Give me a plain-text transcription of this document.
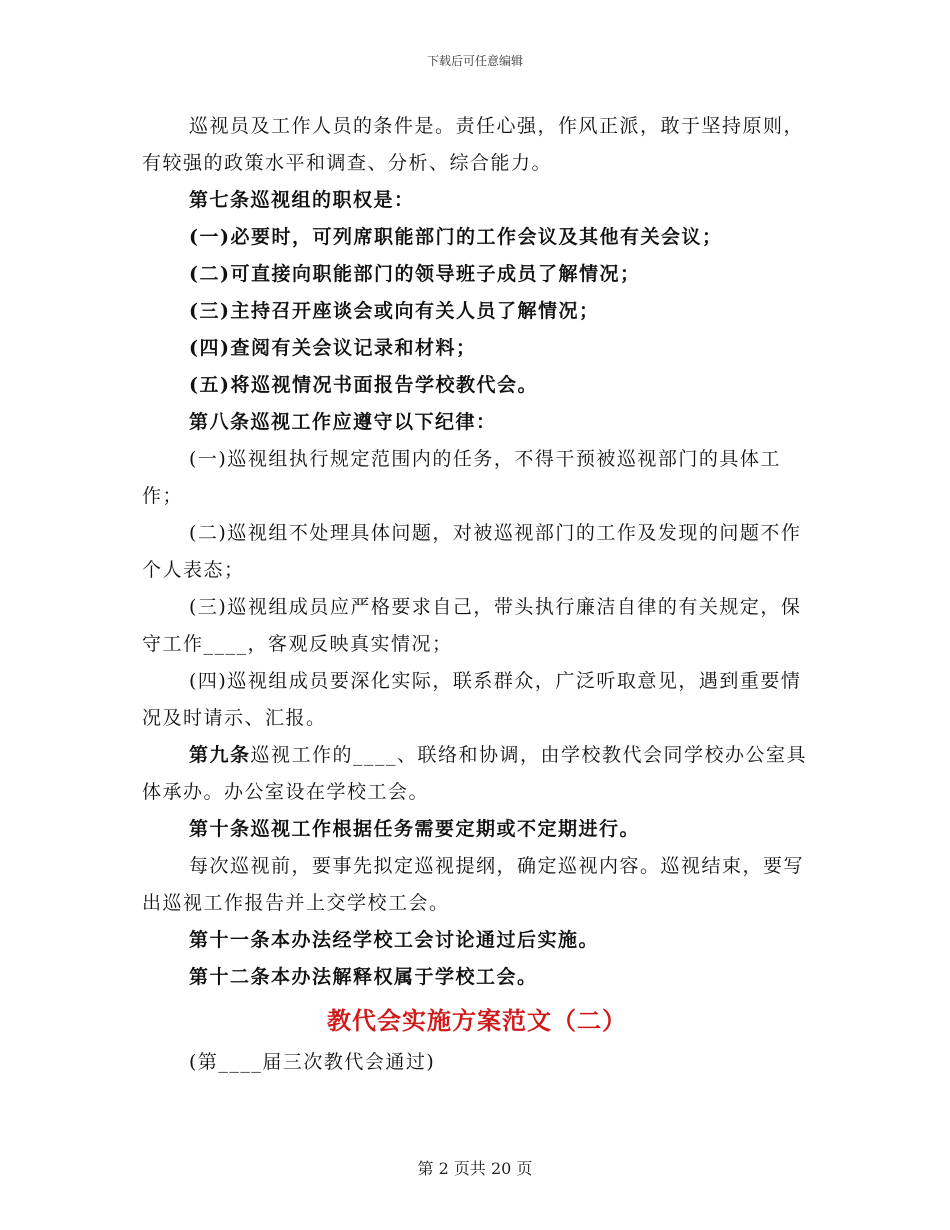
下载后可任意编辑

巡视员及工作人员的条件是。责任心强，作风正派，敢于坚持原则，有较强的政策水平和调查、分析、综合能力。

第七条巡视组的职权是：

(一)必要时，可列席职能部门的工作会议及其他有关会议；

(二)可直接向职能部门的领导班子成员了解情况；

(三)主持召开座谈会或向有关人员了解情况；

(四)查阅有关会议记录和材料；

(五)将巡视情况书面报告学校教代会。

第八条巡视工作应遵守以下纪律：

(一)巡视组执行规定范围内的任务，不得干预被巡视部门的具体工作；

(二)巡视组不处理具体问题，对被巡视部门的工作及发现的问题不作个人表态；

(三)巡视组成员应严格要求自己，带头执行廉洁自律的有关规定，保守工作____，客观反映真实情况；

(四)巡视组成员要深化实际，联系群众，广泛听取意见，遇到重要情况及时请示、汇报。

第九条巡视工作的____、联络和协调，由学校教代会同学校办公室具体承办。办公室设在学校工会。

第十条巡视工作根据任务需要定期或不定期进行。

每次巡视前，要事先拟定巡视提纲，确定巡视内容。巡视结束，要写出巡视工作报告并上交学校工会。

第十一条本办法经学校工会讨论通过后实施。

第十二条本办法解释权属于学校工会。

教代会实施方案范文（二）

(第____届三次教代会通过)

第 2 页共 20 页
